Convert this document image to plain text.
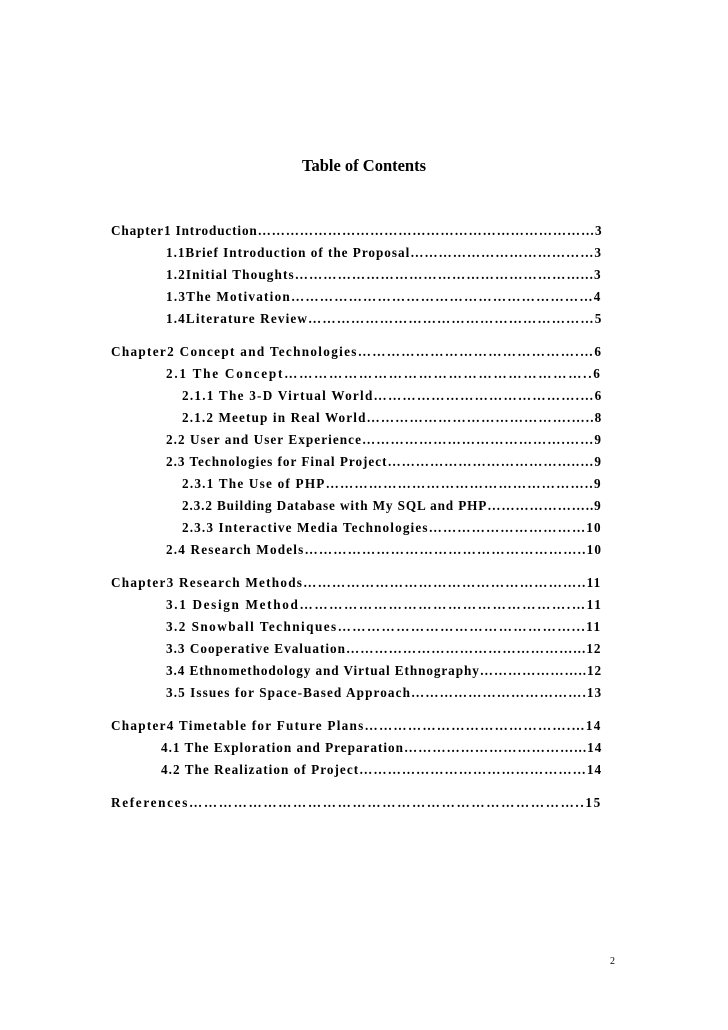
Table of Contents
Chapter1 Introduction………………………………………………………………3
1.1Brief Introduction of the Proposal…………………………………3
1.2Initial Thoughts……………………………………………………...3
1.3The Motivation………………………………………………………4
1.4Literature Review……………………………………………………5
Chapter2 Concept and Technologies……………………………………….…6
2.1 The Concept……………………………………………………..6
2.1.1 The 3-D Virtual World…………………………………….…6
2.1.2 Meetup in Real World…………………………………….…..8
2.2 User and User Experience…………………………………….……9
2.3 Technologies for Final Project…………………………………..…9
2.3.1 The Use of PHP………………………………………………..9
2.3.2 Building Database with My SQL and PHP…………………..9
2.3.3 Interactive Media Technologies……………………………10
2.4 Research Models…………………………………………………..10
Chapter3 Research Methods…………………………………………………..11
3.1 Design Method……………………………………………….…11
3.2 Snowball Techniques…………………………………………...11
3.3 Cooperative Evaluation…………………………………………...12
3.4 Ethnomethodology and Virtual Ethnography…………………..12
3.5 Issues for Space-Based Approach……………………………….13
Chapter4 Timetable for Future Plans…………………………………….…14
4.1 The Exploration and Preparation………………………………...14
4.2 The Realization of Project…………………………………………14
References……………………………………………………………………..15
2
